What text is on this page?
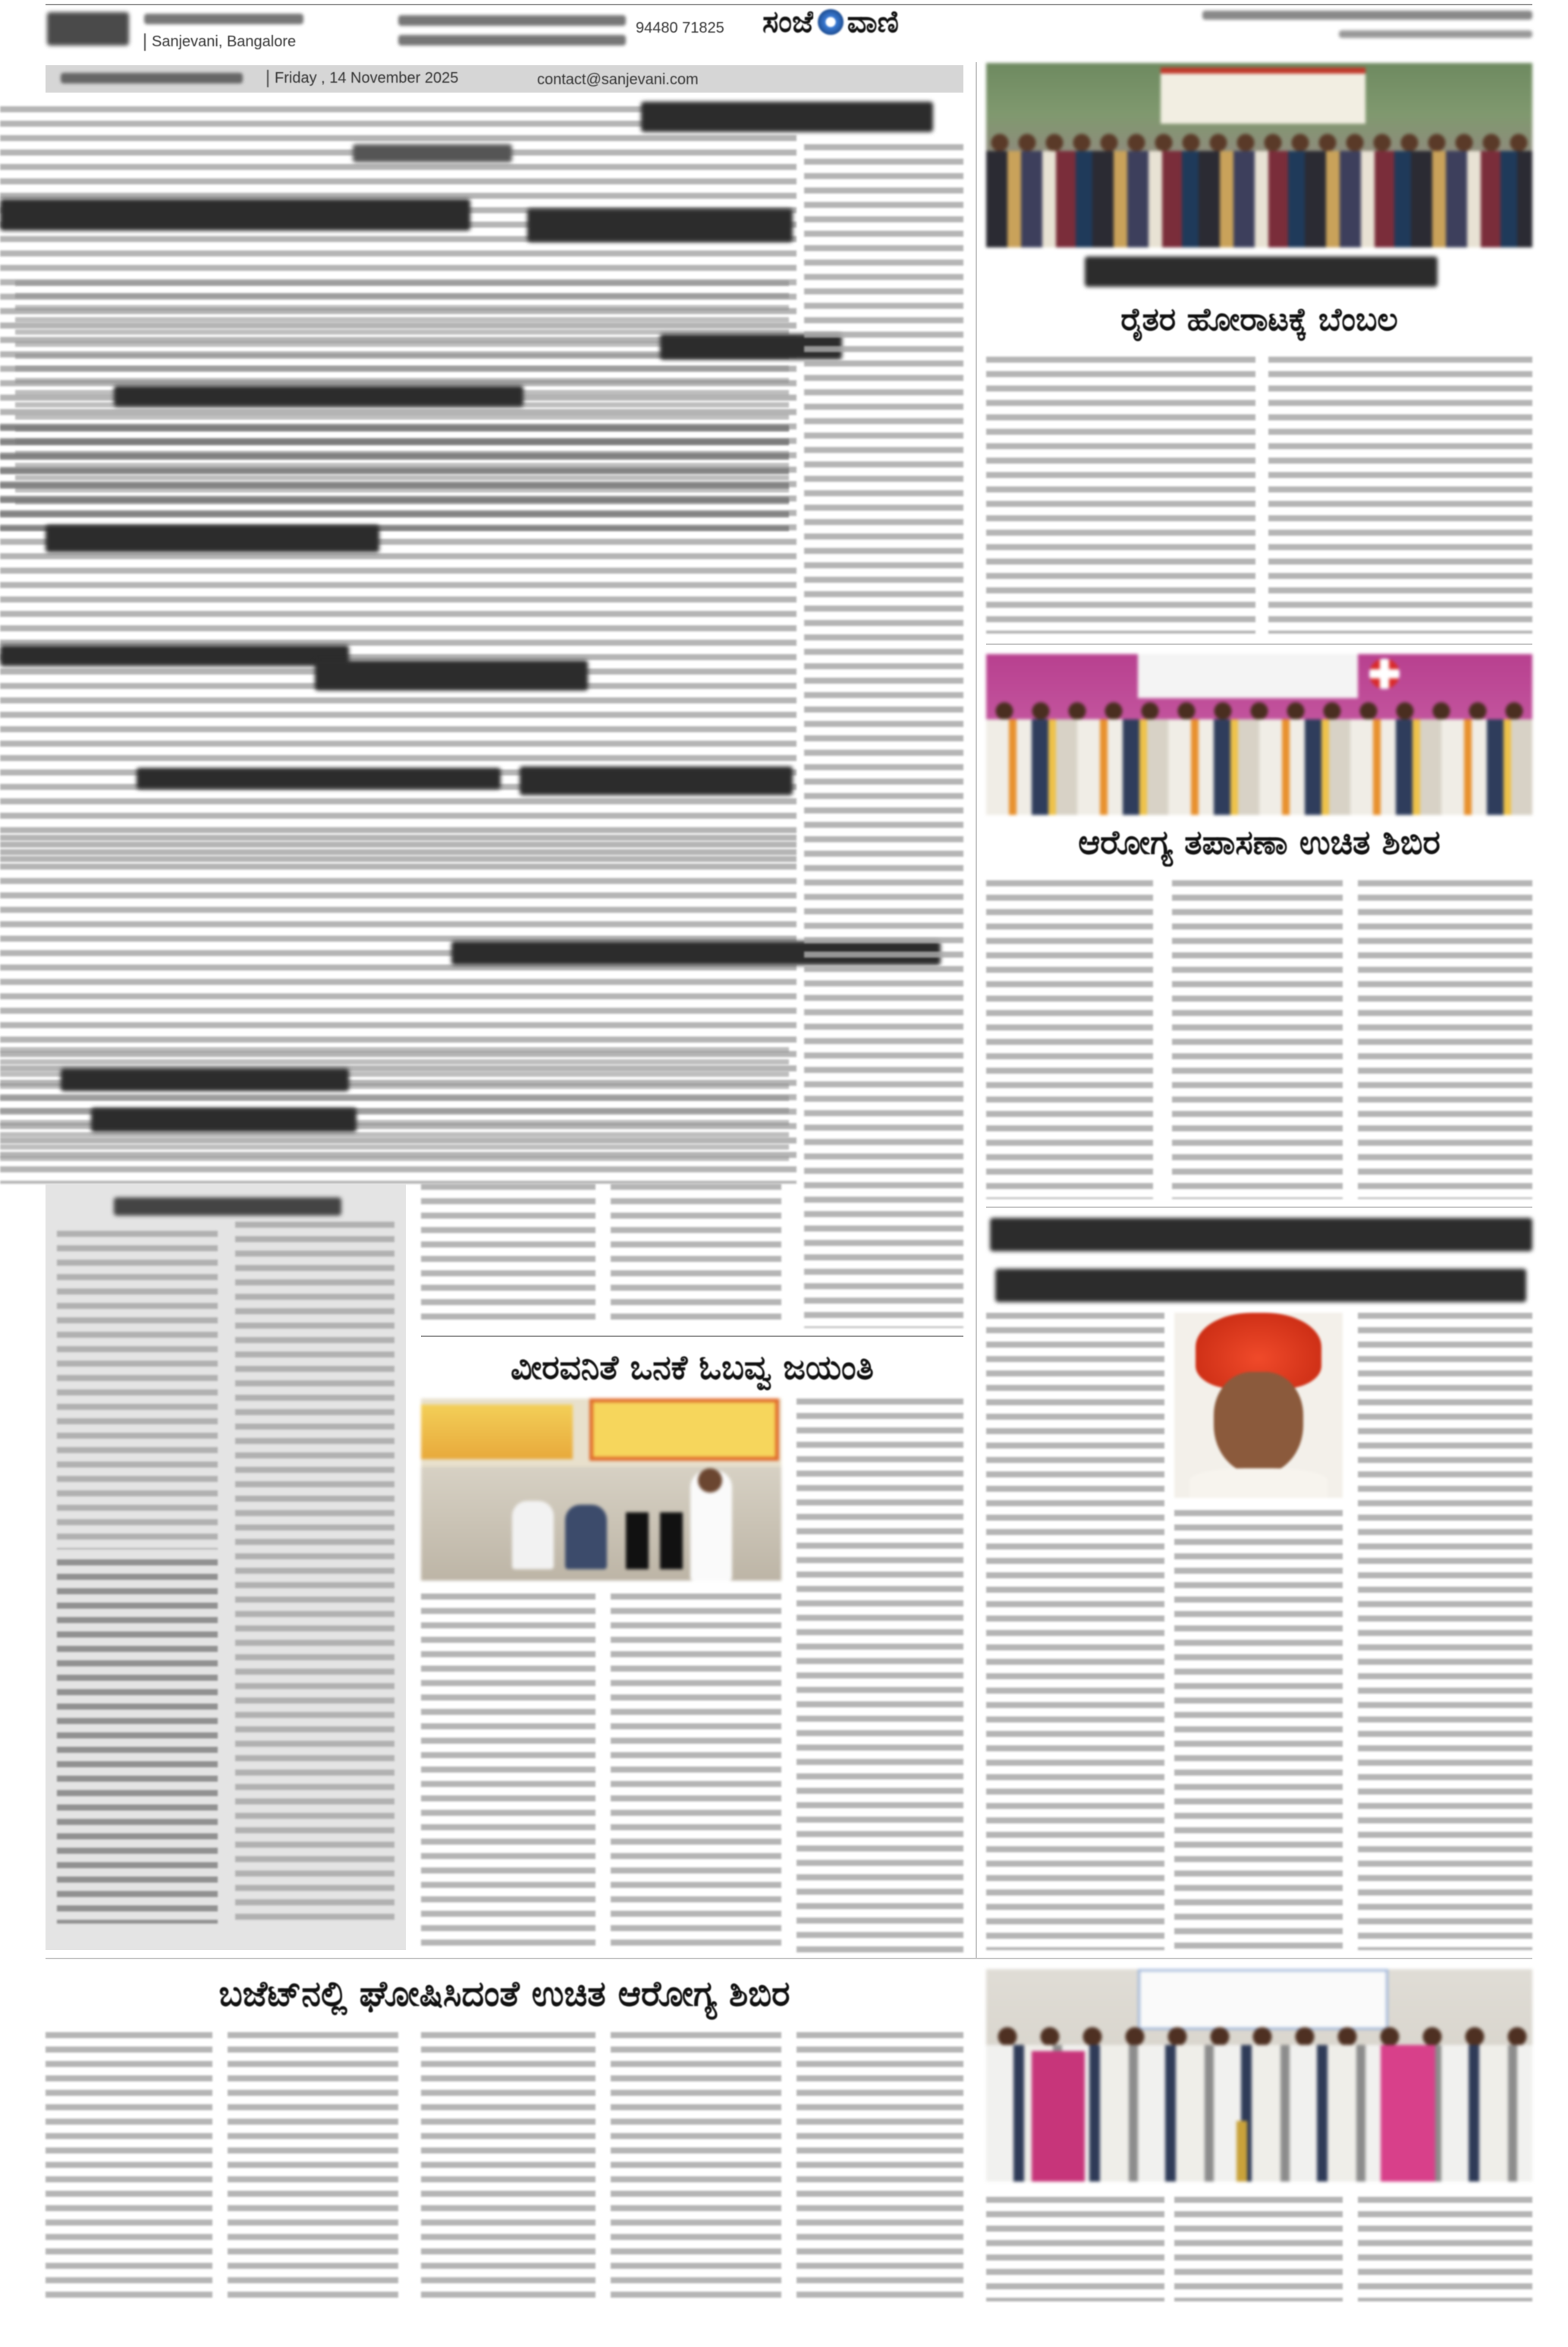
Sanjevani, Bangalore
94480 71825 ಸಂಜೆ ವಾಣಿ
Friday , 14 November 2025	contact@sanjevani.com
ವೀರವನಿತೆ ಒನಕೆ ಓಬವ್ವ ಜಯಂತಿ
ರೈತರ ಹೋರಾಟಕ್ಕೆ ಬೆಂಬಲ
ಆರೋಗ್ಯ ತಪಾಸಣಾ ಉಚಿತ ಶಿಬಿರ
ಬಜೆಟ್‌ನಲ್ಲಿ ಘೋಷಿಸಿದಂತೆ ಉಚಿತ ಆರೋಗ್ಯ ಶಿಬಿರ
